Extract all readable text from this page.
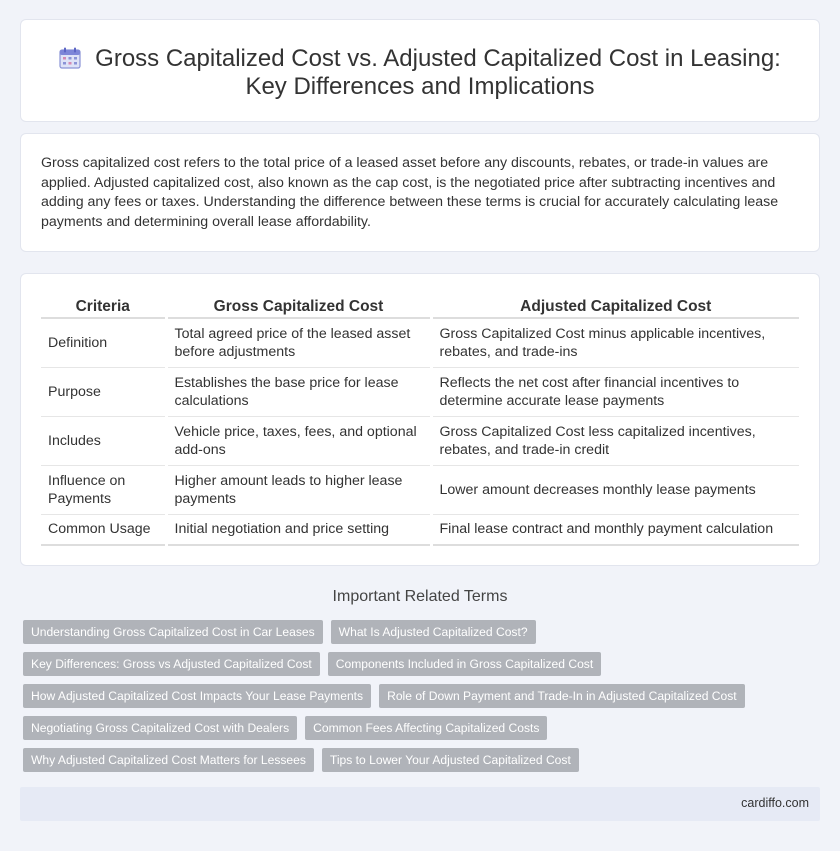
Gross Capitalized Cost vs. Adjusted Capitalized Cost in Leasing:
Key Differences and Implications

Gross capitalized cost refers to the total price of a leased asset before any discounts, rebates, or trade-in values are applied. Adjusted capitalized cost, also known as the cap cost, is the negotiated price after subtracting incentives and adding any fees or taxes. Understanding the difference between these terms is crucial for accurately calculating lease payments and determining overall lease affordability.

Criteria	Gross Capitalized Cost	Adjusted Capitalized Cost
Definition	Total agreed price of the leased asset before adjustments	Gross Capitalized Cost minus applicable incentives, rebates, and trade-ins
Purpose	Establishes the base price for lease calculations	Reflects the net cost after financial incentives to determine accurate lease payments
Includes	Vehicle price, taxes, fees, and optional add-ons	Gross Capitalized Cost less capitalized incentives, rebates, and trade-in credit
Influence on Payments	Higher amount leads to higher lease payments	Lower amount decreases monthly lease payments
Common Usage	Initial negotiation and price setting	Final lease contract and monthly payment calculation
Important Related Terms
Understanding Gross Capitalized Cost in Car Leases	What Is Adjusted Capitalized Cost?
Key Differences: Gross vs Adjusted Capitalized Cost	Components Included in Gross Capitalized Cost
How Adjusted Capitalized Cost Impacts Your Lease Payments	Role of Down Payment and Trade-In in Adjusted Capitalized Cost
Negotiating Gross Capitalized Cost with Dealers	Common Fees Affecting Capitalized Costs
Why Adjusted Capitalized Cost Matters for Lessees	Tips to Lower Your Adjusted Capitalized Cost
cardiffo.com
